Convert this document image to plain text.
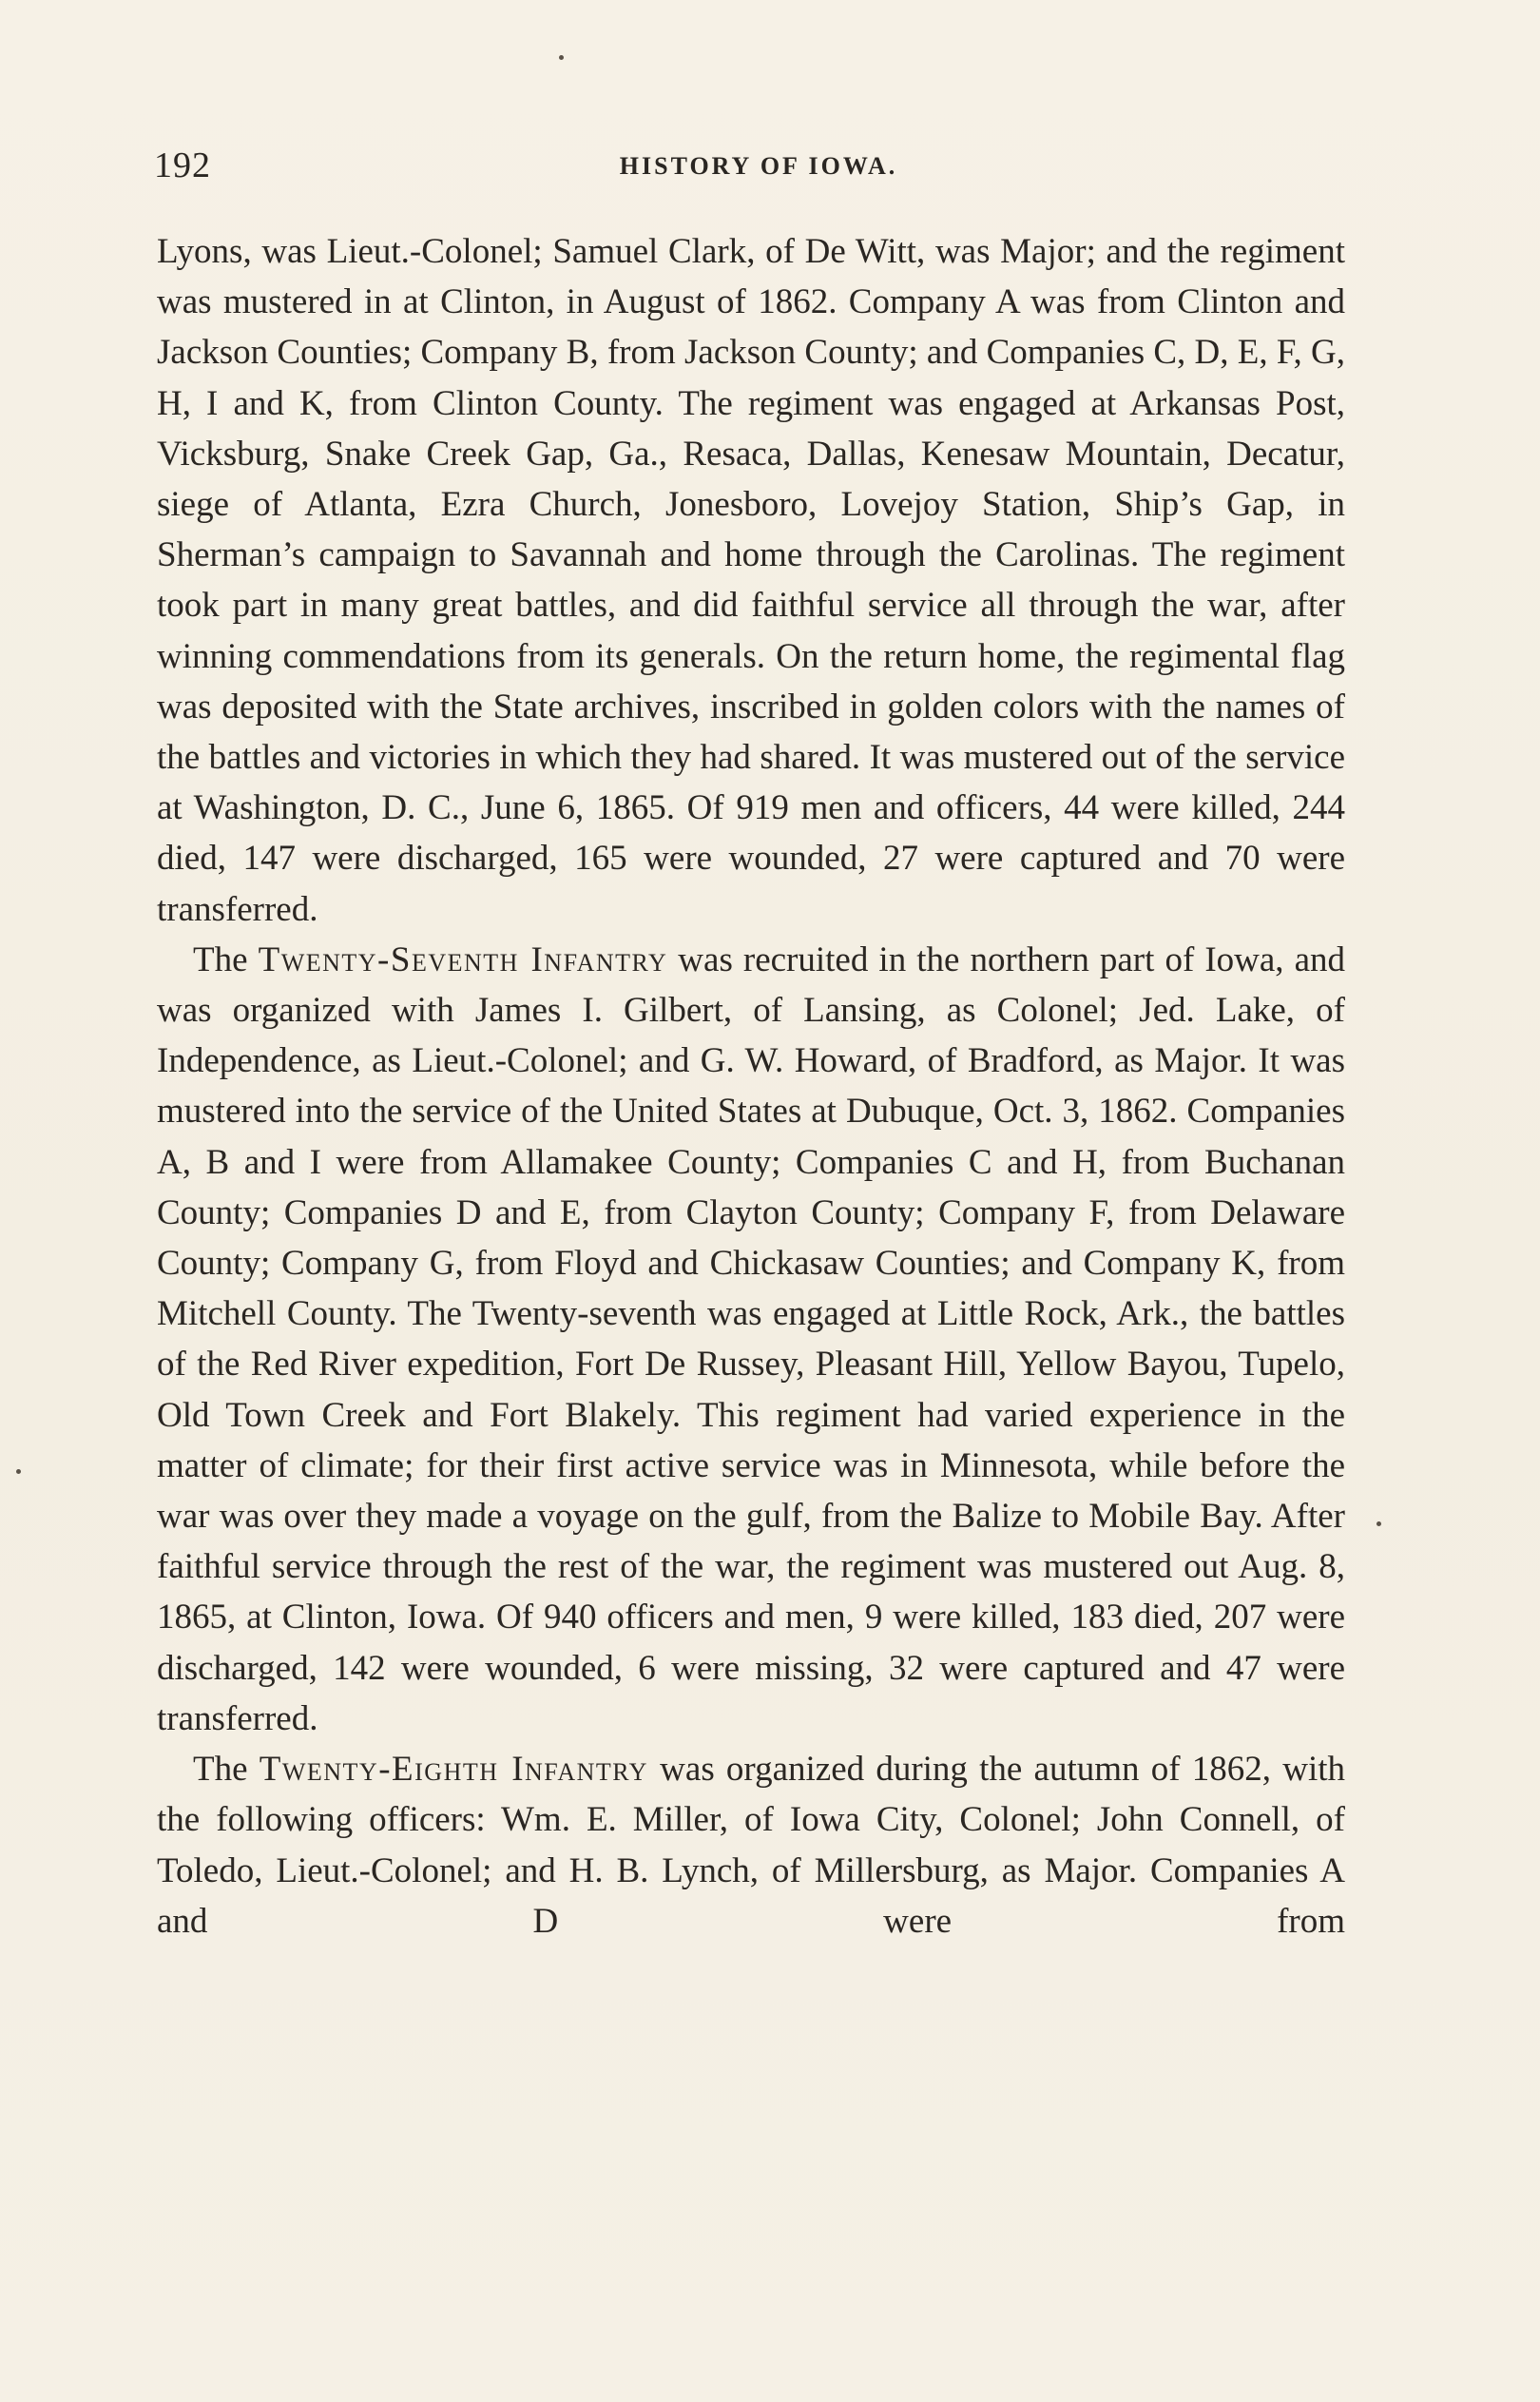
192	HISTORY OF IOWA.

Lyons, was Lieut.-Colonel; Samuel Clark, of De Witt, was Major; and the regiment was mustered in at Clinton, in August of 1862. Company A was from Clinton and Jackson Counties; Company B, from Jackson County; and Companies C, D, E, F, G, H, I and K, from Clinton County. The regiment was engaged at Arkansas Post, Vicksburg, Snake Creek Gap, Ga., Resaca, Dallas, Kenesaw Mountain, Decatur, siege of Atlanta, Ezra Church, Jonesboro, Lovejoy Station, Ship’s Gap, in Sherman’s campaign to Savannah and home through the Carolinas. The regiment took part in many great battles, and did faithful service all through the war, after winning commendations from its generals. On the return home, the regimental flag was deposited with the State archives, inscribed in golden colors with the names of the battles and victories in which they had shared. It was mustered out of the service at Washington, D. C., June 6, 1865. Of 919 men and officers, 44 were killed, 244 died, 147 were discharged, 165 were wounded, 27 were captured and 70 were transferred.

The Twenty-Seventh Infantry was recruited in the northern part of Iowa, and was organized with James I. Gilbert, of Lansing, as Colonel; Jed. Lake, of Independence, as Lieut.-Colonel; and G. W. Howard, of Bradford, as Major. It was mustered into the service of the United States at Dubuque, Oct. 3, 1862. Companies A, B and I were from Allamakee County; Companies C and H, from Buchanan County; Companies D and E, from Clayton County; Company F, from Delaware County; Company G, from Floyd and Chickasaw Counties; and Company K, from Mitchell County. The Twenty-seventh was engaged at Little Rock, Ark., the battles of the Red River expedition, Fort De Russey, Pleasant Hill, Yellow Bayou, Tupelo, Old Town Creek and Fort Blakely. This regiment had varied experience in the matter of climate; for their first active service was in Minnesota, while before the war was over they made a voyage on the gulf, from the Balize to Mobile Bay. After faithful service through the rest of the war, the regiment was mustered out Aug. 8, 1865, at Clinton, Iowa. Of 940 officers and men, 9 were killed, 183 died, 207 were discharged, 142 were wounded, 6 were missing, 32 were captured and 47 were transferred.

The Twenty-Eighth Infantry was organized during the autumn of 1862, with the following officers: Wm. E. Miller, of Iowa City, Colonel; John Connell, of Toledo, Lieut.-Colonel; and H. B. Lynch, of Millersburg, as Major. Companies A and D were from
